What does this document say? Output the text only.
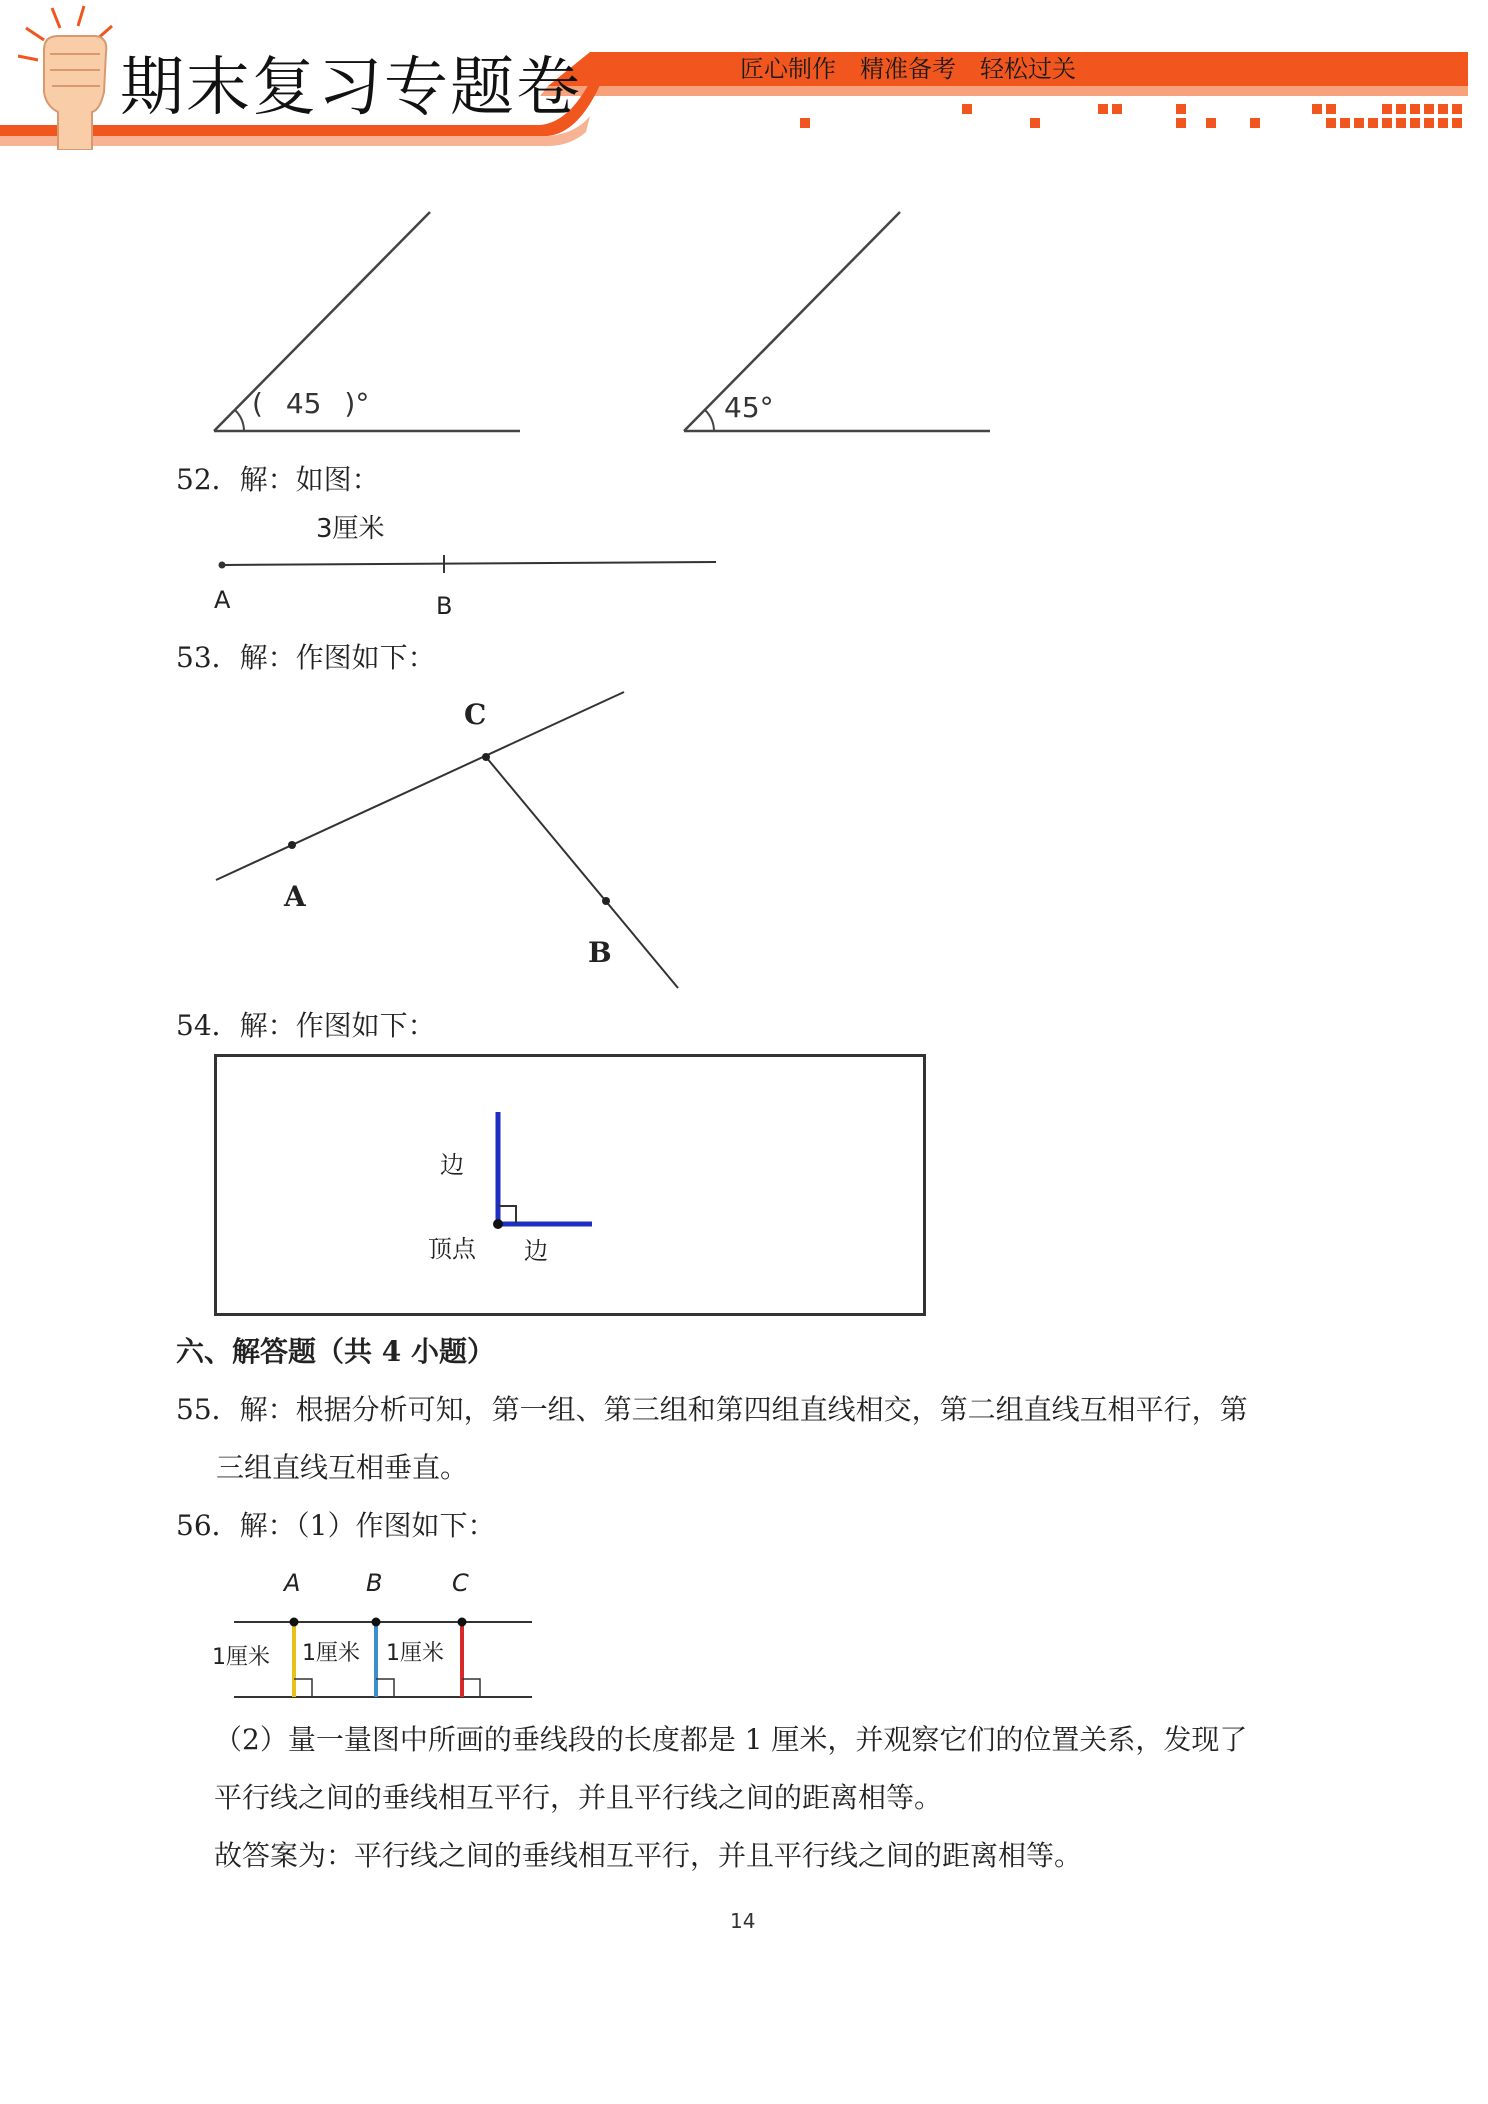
期末复习专题卷	匠心制作　精准备考　轻松过关
( 45 )°	45°
52．解：如图：
3厘米
A	B
53．解：作图如下：
C
A
B
54．解：作图如下：
边
顶点 边
六、解答题（共 4 小题）
55．解：根据分析可知，第一组、第三组和第四组直线相交，第二组直线互相平行，第
三组直线互相垂直。
56．解：（1）作图如下：
A	B	C
1厘米 1厘米 1厘米
（2）量一量图中所画的垂线段的长度都是 1 厘米，并观察它们的位置关系，发现了
平行线之间的垂线相互平行，并且平行线之间的距离相等。
故答案为：平行线之间的垂线相互平行，并且平行线之间的距离相等。
14
